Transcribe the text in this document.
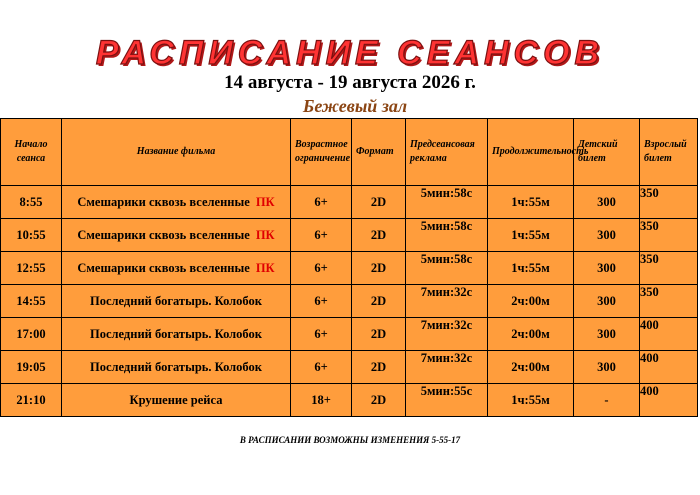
РАСПИСАНИЕ СЕАНСОВ
14 августа - 19 августа 2026 г.
Бежевый зал
Начало сеанса	Название фильма	Возрастное ограничение	Формат	Предсеансовая реклама	Продолжительность	Детский билет	Взрослый билет
8:55	Смешарики сквозь вселенные ПК	6+	2D	5мин:58с	1ч:55м	300	350
10:55	Смешарики сквозь вселенные ПК	6+	2D	5мин:58с	1ч:55м	300	350
12:55	Смешарики сквозь вселенные ПК	6+	2D	5мин:58с	1ч:55м	300	350
14:55	Последний богатырь. Колобок	6+	2D	7мин:32с	2ч:00м	300	350
17:00	Последний богатырь. Колобок	6+	2D	7мин:32с	2ч:00м	300	400
19:05	Последний богатырь. Колобок	6+	2D	7мин:32с	2ч:00м	300	400
21:10	Крушение рейса	18+	2D	5мин:55с	1ч:55м	-	400
В РАСПИСАНИИ ВОЗМОЖНЫ ИЗМЕНЕНИЯ 5-55-17
